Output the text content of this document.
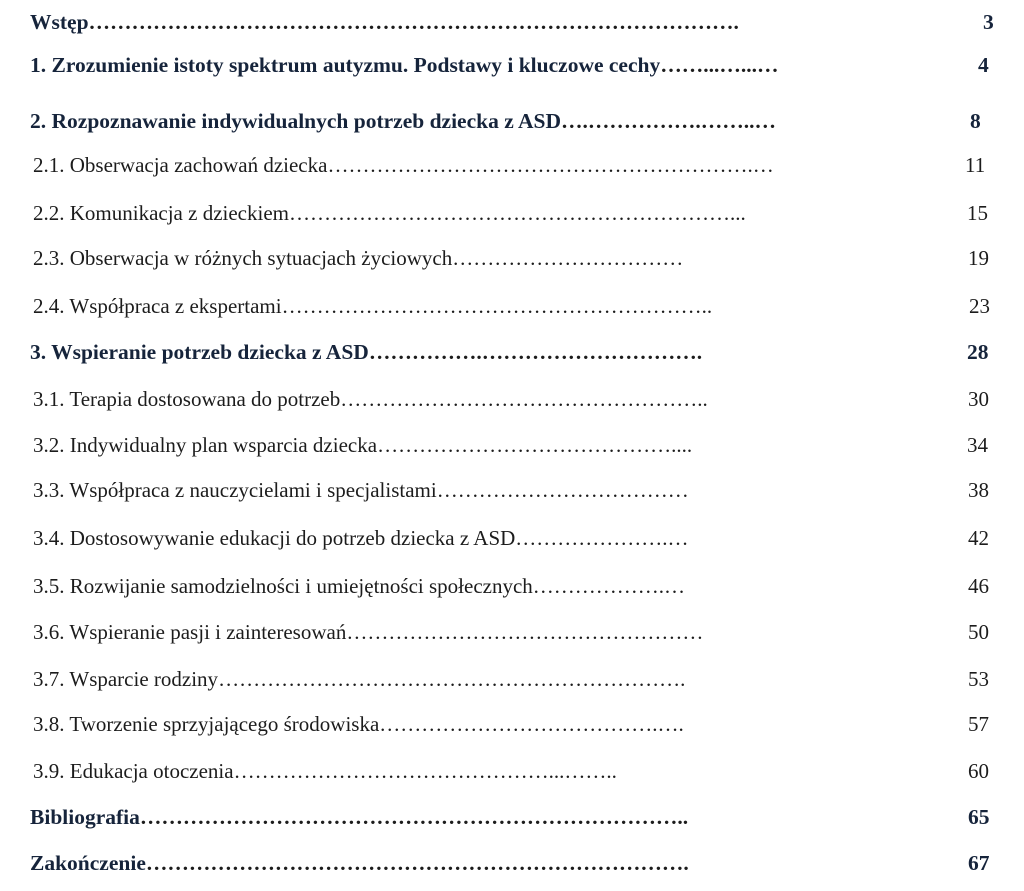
Wstęp……………………………………………………………………………….	3
1. Zrozumienie istoty spektrum autyzmu. Podstawy i kluczowe cechy……...…...…	4
2. Rozpoznawanie indywidualnych potrzeb dziecka z ASD….…………….……..…	8
2.1. Obserwacja zachowań dziecka…………………………………………………….…	11
2.2. Komunikacja z dzieckiem………………………………………………………...	15
2.3. Obserwacja w różnych sytuacjach życiowych……………………………	19
2.4. Współpraca z ekspertami……………………………………………………..	23
3. Wspieranie potrzeb dziecka z ASD…………….………………………….	28
3.1. Terapia dostosowana do potrzeb……………………………………………..	30
3.2. Indywidualny plan wsparcia dziecka……………………………………....	34
3.3. Współpraca z nauczycielami i specjalistami………………………………	38
3.4. Dostosowywanie edukacji do potrzeb dziecka z ASD………………….…	42
3.5. Rozwijanie samodzielności i umiejętności społecznych……………….…	46
3.6. Wspieranie pasji i zainteresowań……………………………………………	50
3.7. Wsparcie rodziny………………………………………………………….	53
3.8. Tworzenie sprzyjającego środowiska………………………………….….	57
3.9. Edukacja otoczenia………………………………………...……..	60
Bibliografia…………………………………………………………………..	65
Zakończenie………………………………………………………………….	67
